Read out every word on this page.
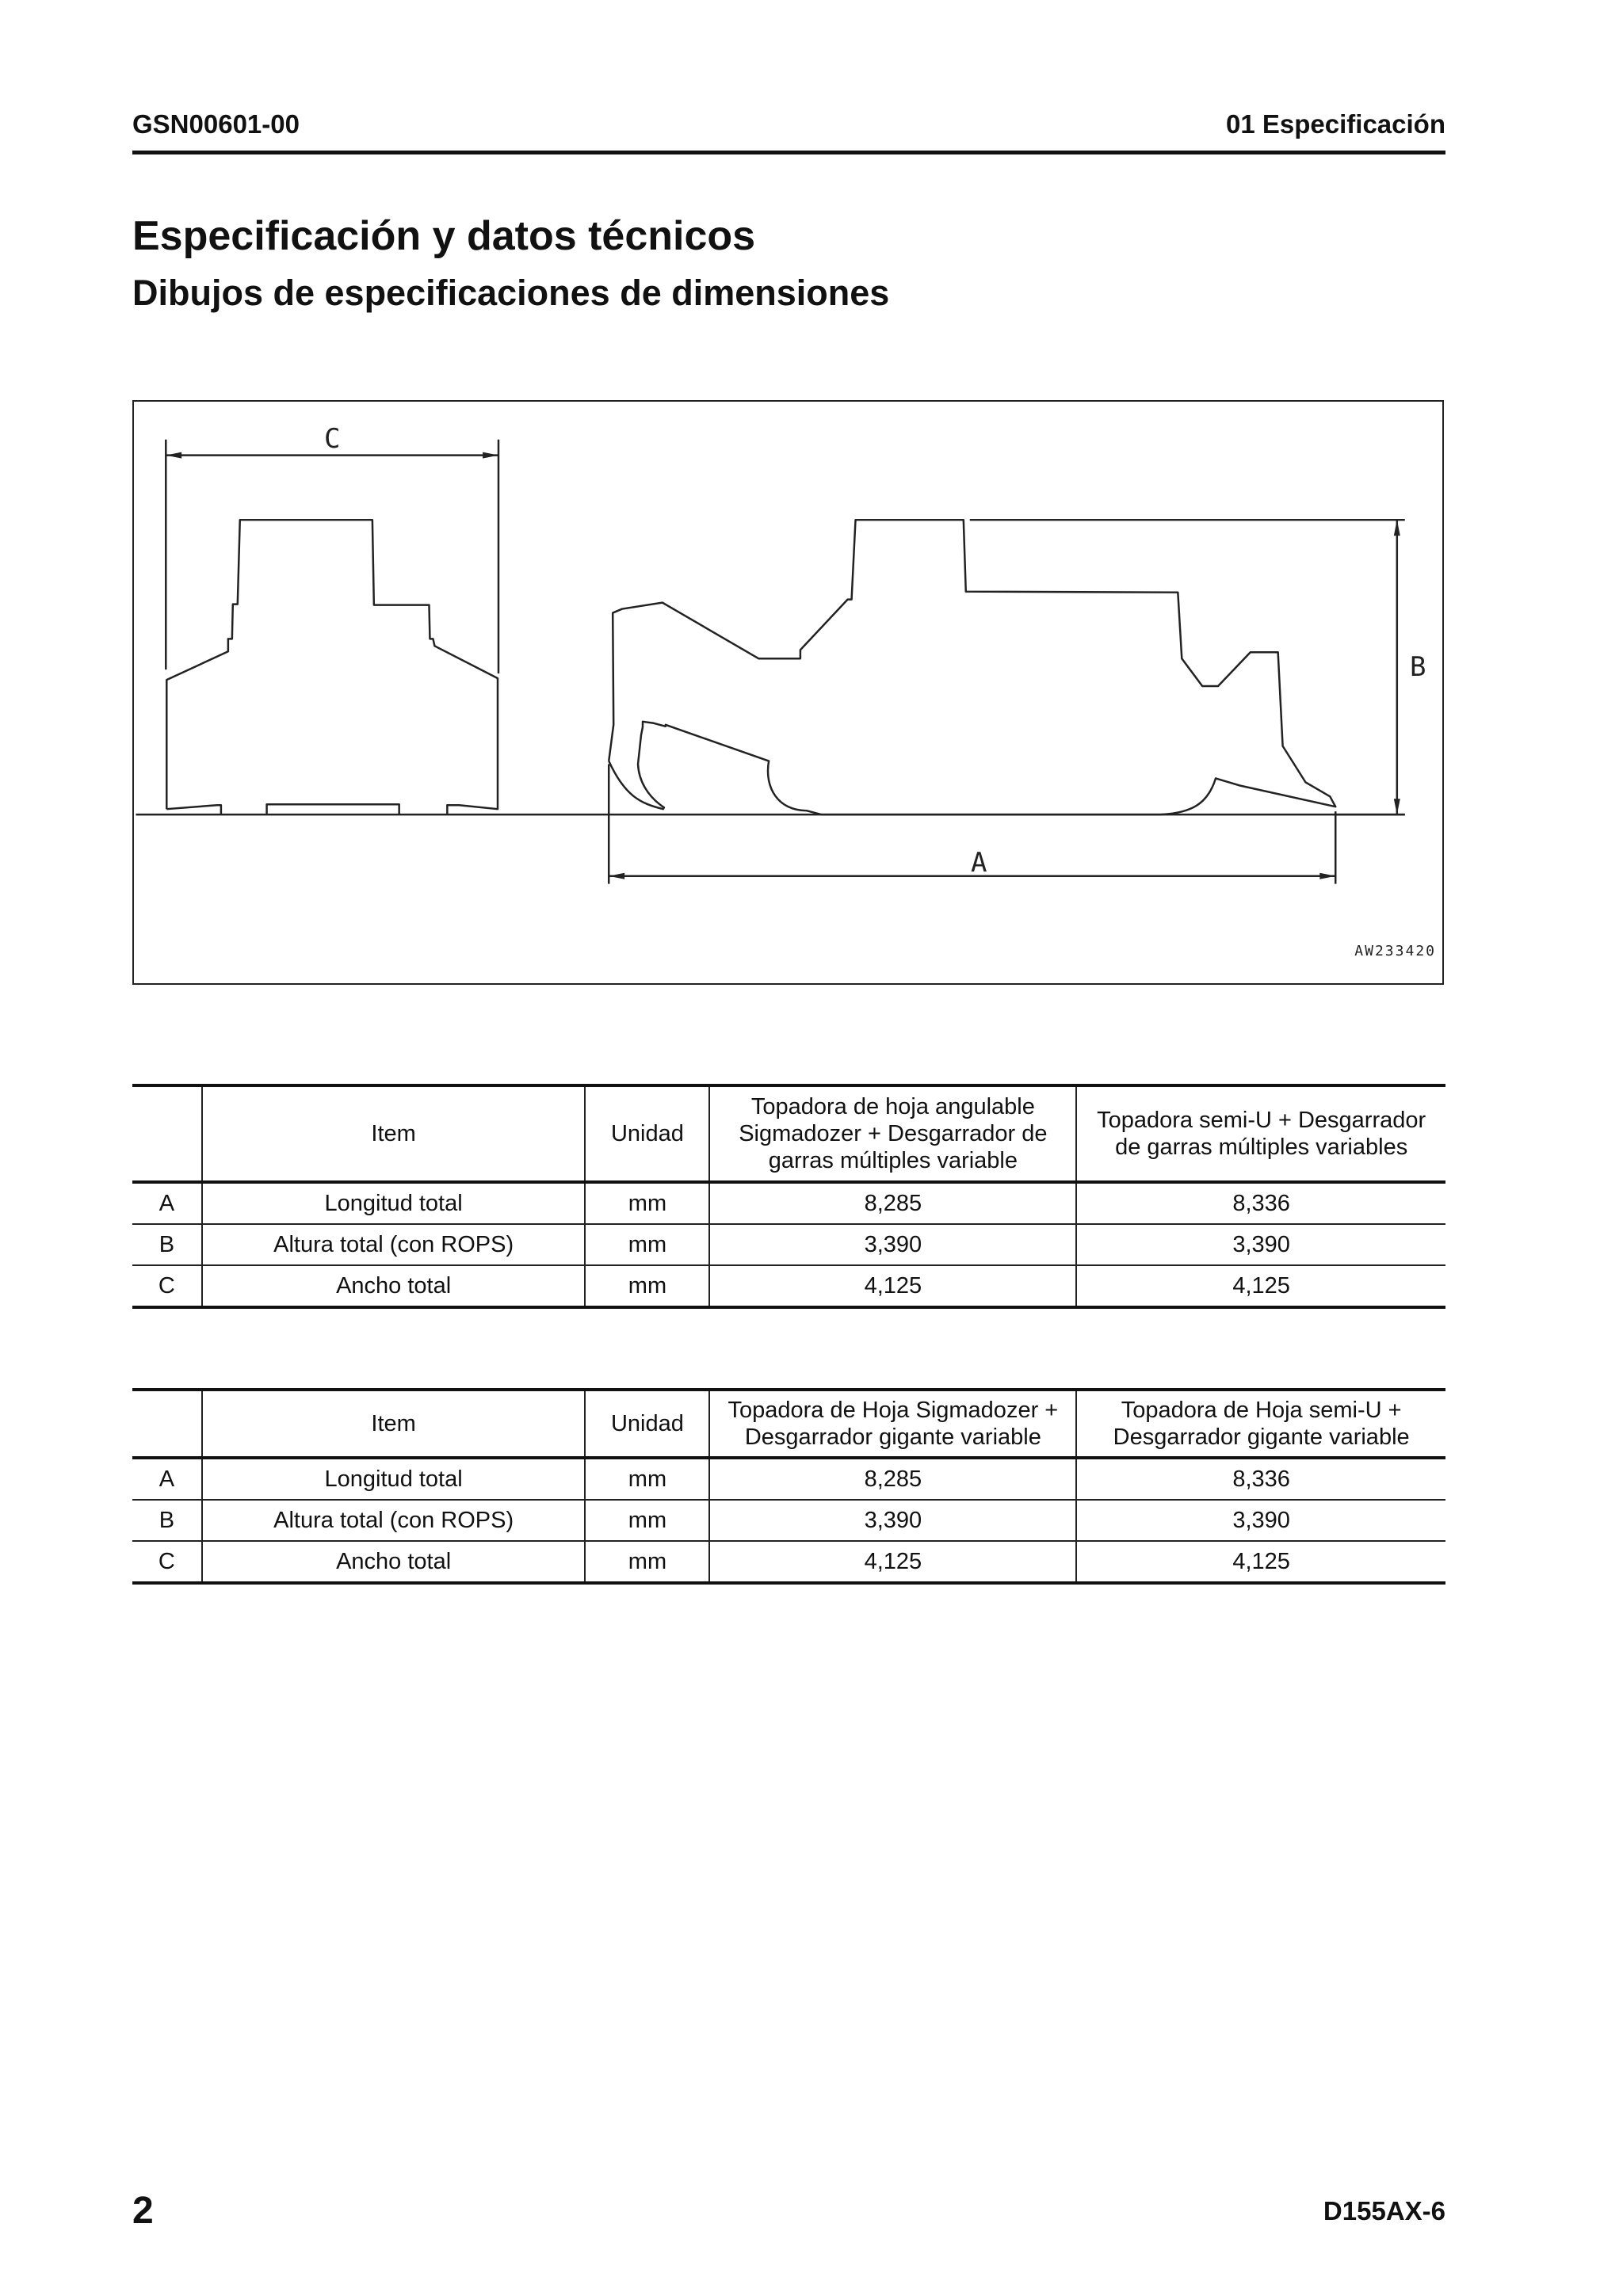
GSN00601-00	01 Especificación
Especificación y datos técnicos
Dibujos de especificaciones de dimensiones
C
A
B
AW233420
	Item	Unidad	Topadora de hoja angulable Sigmadozer + Desgarrador de garras múltiples variable	Topadora semi-U + Desgarrador de garras múltiples variables
A	Longitud total	mm	8,285	8,336
B	Altura total (con ROPS)	mm	3,390	3,390
C	Ancho total	mm	4,125	4,125
	Item	Unidad	Topadora de Hoja Sigmadozer + Desgarrador gigante variable	Topadora de Hoja semi-U + Desgarrador gigante variable
A	Longitud total	mm	8,285	8,336
B	Altura total (con ROPS)	mm	3,390	3,390
C	Ancho total	mm	4,125	4,125
2	D155AX-6
